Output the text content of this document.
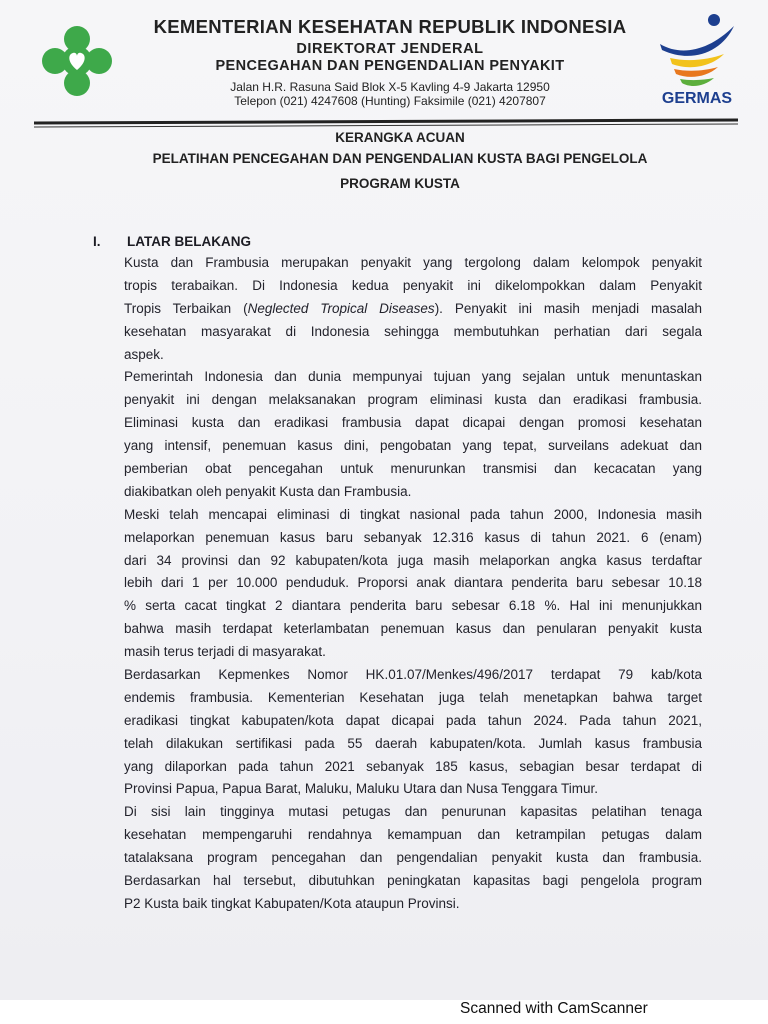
GERMAS
KEMENTERIAN KESEHATAN REPUBLIK INDONESIA
DIREKTORAT JENDERAL
PENCEGAHAN DAN PENGENDALIAN PENYAKIT
Jalan H.R. Rasuna Said Blok X-5 Kavling 4-9 Jakarta 12950
Telepon (021) 4247608 (Hunting) Faksimile (021) 4207807
KERANGKA ACUAN
PELATIHAN PENCEGAHAN DAN PENGENDALIAN KUSTA BAGI PENGELOLA
PROGRAM KUSTA
I. LATAR BELAKANG
Kusta dan Frambusia merupakan penyakit yang tergolong dalam kelompok penyakit
tropis terabaikan. Di Indonesia kedua penyakit ini dikelompokkan dalam Penyakit
Tropis Terbaikan (Neglected Tropical Diseases). Penyakit ini masih menjadi masalah
kesehatan masyarakat di Indonesia sehingga membutuhkan perhatian dari segala
aspek.
Pemerintah Indonesia dan dunia mempunyai tujuan yang sejalan untuk menuntaskan
penyakit ini dengan melaksanakan program eliminasi kusta dan eradikasi frambusia.
Eliminasi kusta dan eradikasi frambusia dapat dicapai dengan promosi kesehatan
yang intensif, penemuan kasus dini, pengobatan yang tepat, surveilans adekuat dan
pemberian obat pencegahan untuk menurunkan transmisi dan kecacatan yang
diakibatkan oleh penyakit Kusta dan Frambusia.
Meski telah mencapai eliminasi di tingkat nasional pada tahun 2000, Indonesia masih
melaporkan penemuan kasus baru sebanyak 12.316 kasus di tahun 2021. 6 (enam)
dari 34 provinsi dan 92 kabupaten/kota juga masih melaporkan angka kasus terdaftar
lebih dari 1 per 10.000 penduduk. Proporsi anak diantara penderita baru sebesar 10.18
% serta cacat tingkat 2 diantara penderita baru sebesar 6.18 %. Hal ini menunjukkan
bahwa masih terdapat keterlambatan penemuan kasus dan penularan penyakit kusta
masih terus terjadi di masyarakat.
Berdasarkan Kepmenkes Nomor HK.01.07/Menkes/496/2017 terdapat 79 kab/kota
endemis frambusia. Kementerian Kesehatan juga telah menetapkan bahwa target
eradikasi tingkat kabupaten/kota dapat dicapai pada tahun 2024. Pada tahun 2021,
telah dilakukan sertifikasi pada 55 daerah kabupaten/kota. Jumlah kasus frambusia
yang dilaporkan pada tahun 2021 sebanyak 185 kasus, sebagian besar terdapat di
Provinsi Papua, Papua Barat, Maluku, Maluku Utara dan Nusa Tenggara Timur.
Di sisi lain tingginya mutasi petugas dan penurunan kapasitas pelatihan tenaga
kesehatan mempengaruhi rendahnya kemampuan dan ketrampilan petugas dalam
tatalaksana program pencegahan dan pengendalian penyakit kusta dan frambusia.
Berdasarkan hal tersebut, dibutuhkan peningkatan kapasitas bagi pengelola program
P2 Kusta baik tingkat Kabupaten/Kota ataupun Provinsi.
Scanned with CamScanner
